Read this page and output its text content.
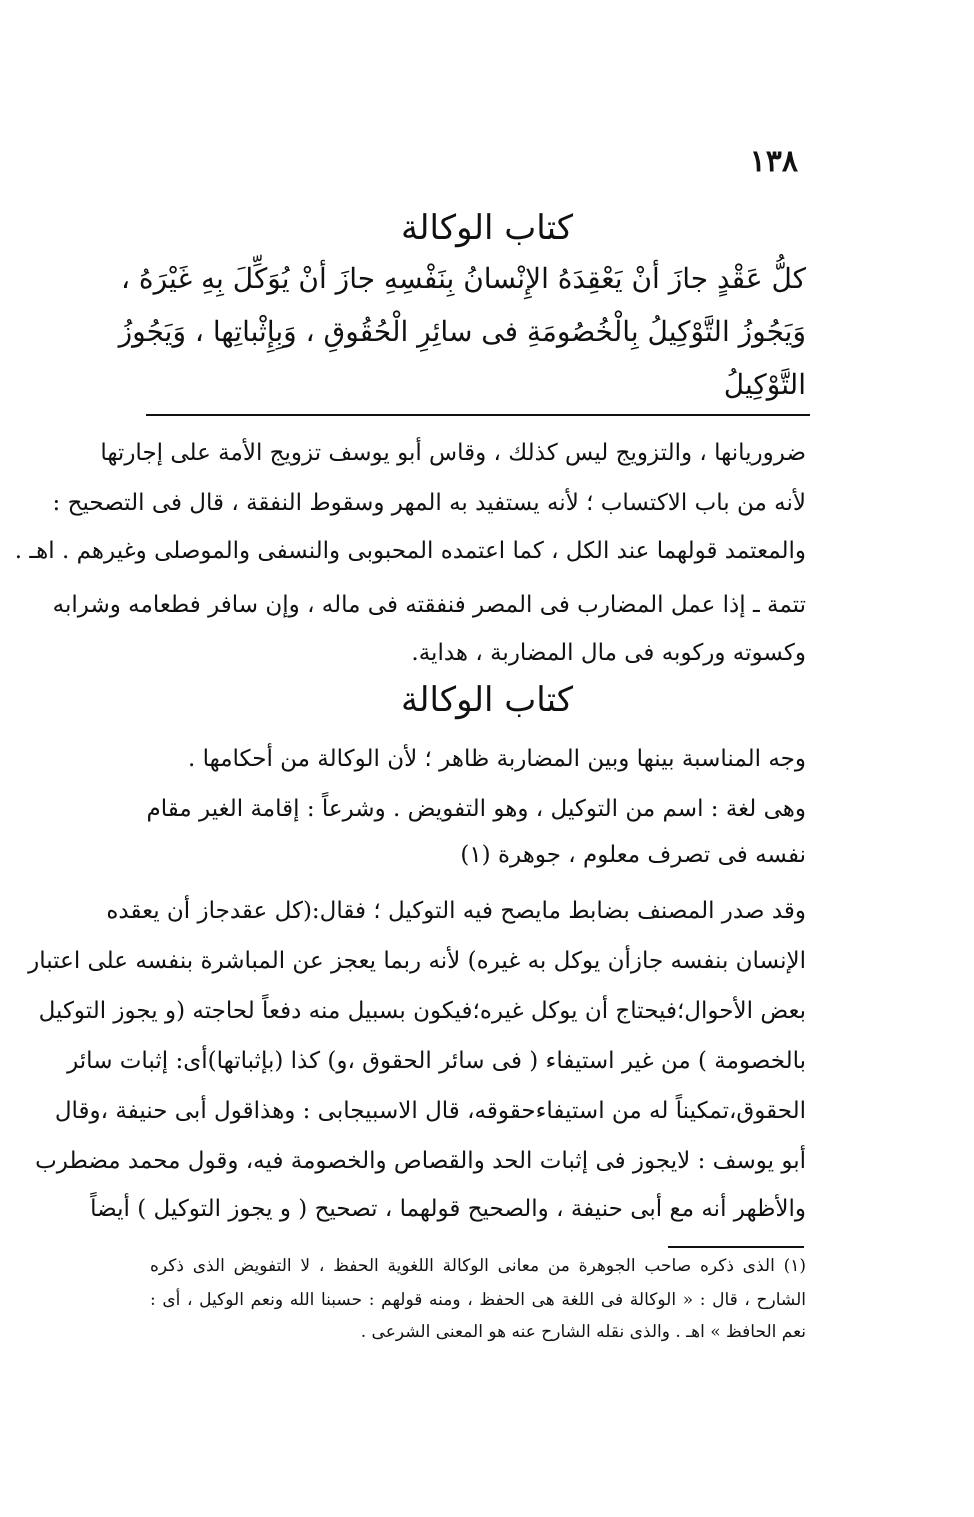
١٣٨
كتاب الوكالة
كلُّ عَقْدٍ جازَ أنْ يَعْقِدَهُ الإِنْسانُ بِنَفْسِهِ جازَ أنْ يُوَكِّلَ بِهِ غَيْرَهُ ،
وَيَجُوزُ التَّوْكِيلُ بِالْخُصُومَةِ فى سائِرِ الْحُقُوقِ ، وَبِإِثْباتِها ، وَيَجُوزُ
التَّوْكِيلُ
ضروريانها ، والتزويج ليس كذلك ، وقاس أبو يوسف تزويج الأمة على إجارتها
لأنه من باب الاكتساب ؛ لأنه يستفيد به المهر وسقوط النفقة ، قال فى التصحيح :
والمعتمد قولهما عند الكل ، كما اعتمده المحبوبى والنسفى والموصلى وغيرهم . اهـ .
تتمة ـ إذا عمل المضارب فى المصر فنفقته فى ماله ، وإن سافر فطعامه وشرابه
وكسوته وركوبه فى مال المضاربة ، هداية.
كتاب الوكالة
وجه المناسبة بينها وبين المضاربة ظاهر ؛ لأن الوكالة من أحكامها .
وهى لغة : اسم من التوكيل ، وهو التفويض . وشرعاً : إقامة الغير مقام
نفسه فى تصرف معلوم ، جوهرة (١)
وقد صدر المصنف بضابط مايصح فيه التوكيل ؛ فقال:(كل عقدجاز أن يعقده
الإنسان بنفسه جازأن يوكل به غيره) لأنه ربما يعجز عن المباشرة بنفسه على اعتبار
بعض الأحوال؛فيحتاج أن يوكل غيره؛فيكون بسبيل منه دفعاً لحاجته (و يجوز التوكيل
بالخصومة ) من غير استيفاء ( فى سائر الحقوق ،و) كذا (بإثباتها)أى: إثبات سائر
الحقوق،تمكيناً له من استيفاءحقوقه، قال الاسبيجابى : وهذاقول أبى حنيفة ،وقال
أبو يوسف : لايجوز فى إثبات الحد والقصاص والخصومة فيه، وقول محمد مضطرب
والأظهر أنه مع أبى حنيفة ، والصحيح قولهما ، تصحيح ( و يجوز التوكيل ) أيضاً
(١) الذى ذكره صاحب الجوهرة من معانى الوكالة اللغوية الحفظ ، لا التفويض الذى ذكره
الشارح ، قال : « الوكالة فى اللغة هى الحفظ ، ومنه قولهم : حسبنا الله ونعم الوكيل ، أى :
نعم الحافظ » اهـ . والذى نقله الشارح عنه هو المعنى الشرعى .
